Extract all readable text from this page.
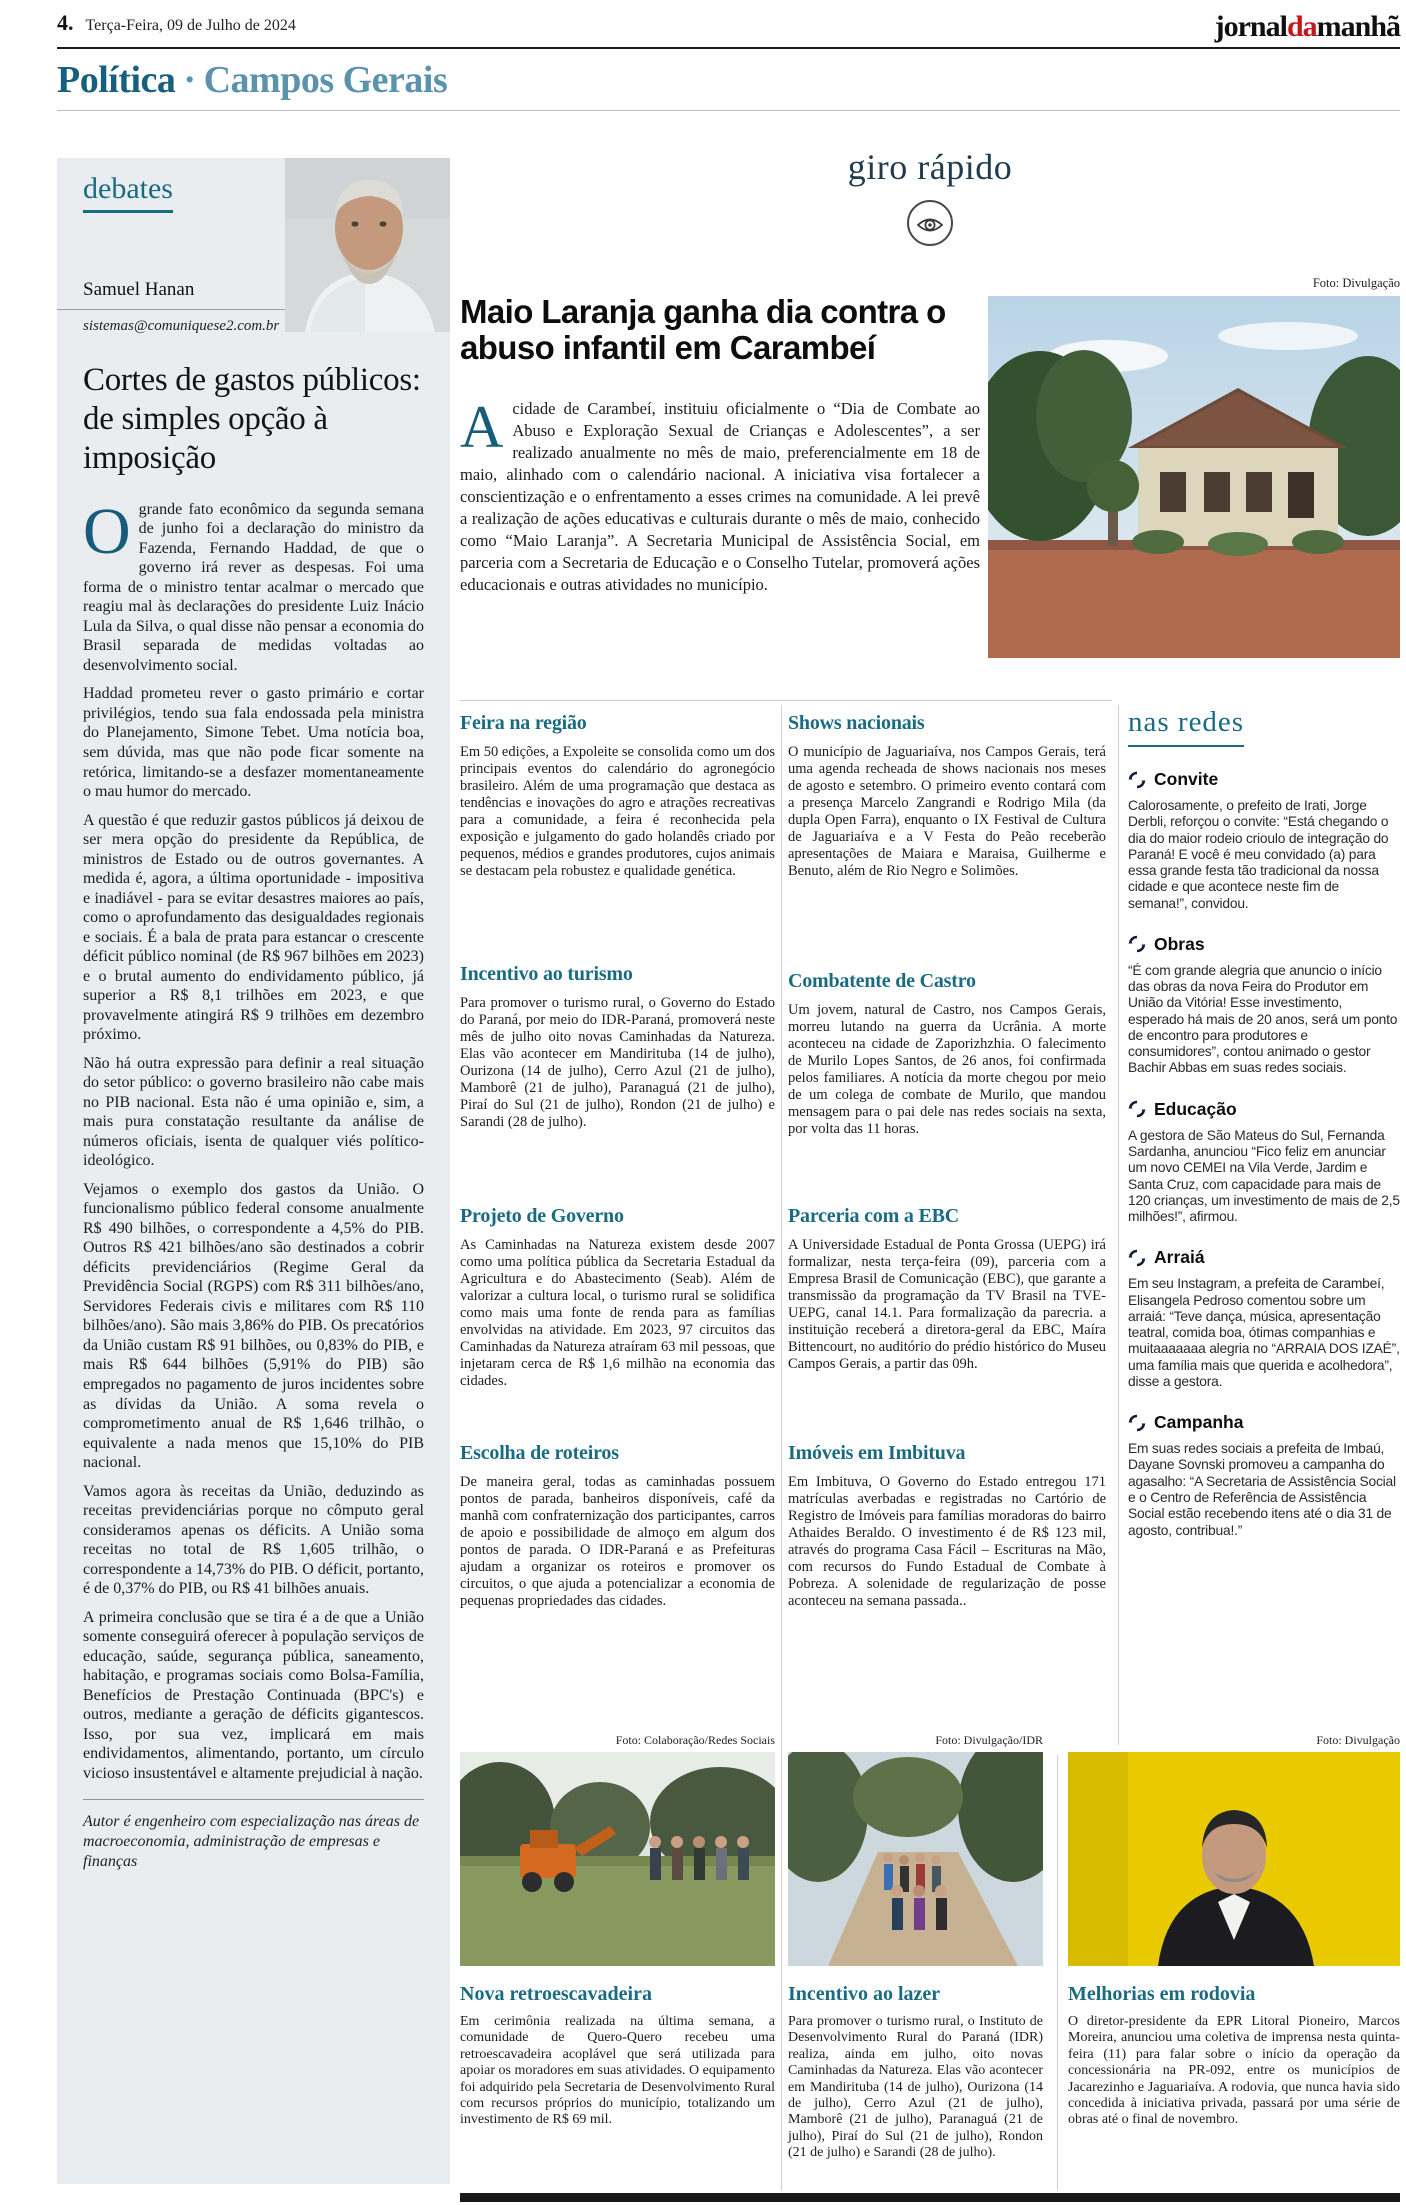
4. Terça-Feira, 09 de Julho de 2024	jornaldamanhã
Política · Campos Gerais
debates
Samuel Hanan
sistemas@comuniquese2.com.br
Cortes de gastos públicos: de simples opção à imposição

Ogrande fato econômico da segunda semana de junho foi a declaração do ministro da Fazenda, Fernando Haddad, de que o governo irá rever as despesas. Foi uma forma de o ministro tentar acalmar o mercado que reagiu mal às declarações do presidente Luiz Inácio Lula da Silva, o qual disse não pensar a economia do Brasil separada de medidas voltadas ao desenvolvimento social.

Haddad prometeu rever o gasto primário e cortar privilégios, tendo sua fala endossada pela ministra do Planejamento, Simone Tebet. Uma notícia boa, sem dúvida, mas que não pode ficar somente na retórica, limitando-se a desfazer momentaneamente o mau humor do mercado.

A questão é que reduzir gastos públicos já deixou de ser mera opção do presidente da República, de ministros de Estado ou de outros governantes. A medida é, agora, a última oportunidade - impositiva e inadiável - para se evitar desastres maiores ao país, como o aprofundamento das desigualdades regionais e sociais. É a bala de prata para estancar o crescente déficit público nominal (de R$ 967 bilhões em 2023) e o brutal aumento do endividamento público, já superior a R$ 8,1 trilhões em 2023, e que provavelmente atingirá R$ 9 trilhões em dezembro próximo.

Não há outra expressão para definir a real situação do setor público: o governo brasileiro não cabe mais no PIB nacional. Esta não é uma opinião e, sim, a mais pura constatação resultante da análise de números oficiais, isenta de qualquer viés político-ideológico.

Vejamos o exemplo dos gastos da União. O funcionalismo público federal consome anualmente R$ 490 bilhões, o correspondente a 4,5% do PIB. Outros R$ 421 bilhões/ano são destinados a cobrir déficits previdenciários (Regime Geral da Previdência Social (RGPS) com R$ 311 bilhões/ano, Servidores Federais civis e militares com R$ 110 bilhões/ano). São mais 3,86% do PIB. Os precatórios da União custam R$ 91 bilhões, ou 0,83% do PIB, e mais R$ 644 bilhões (5,91% do PIB) são empregados no pagamento de juros incidentes sobre as dívidas da União. A soma revela o comprometimento anual de R$ 1,646 trilhão, o equivalente a nada menos que 15,10% do PIB nacional.

Vamos agora às receitas da União, deduzindo as receitas previdenciárias porque no cômputo geral consideramos apenas os déficits. A União soma receitas no total de R$ 1,605 trilhão, o correspondente a 14,73% do PIB. O déficit, portanto, é de 0,37% do PIB, ou R$ 41 bilhões anuais.

A primeira conclusão que se tira é a de que a União somente conseguirá oferecer à população serviços de educação, saúde, segurança pública, saneamento, habitação, e programas sociais como Bolsa-Família, Benefícios de Prestação Continuada (BPC's) e outros, mediante a geração de déficits gigantescos. Isso, por sua vez, implicará em mais endividamentos, alimentando, portanto, um círculo vicioso insustentável e altamente prejudicial à nação.

Autor é engenheiro com especialização nas áreas de macroeconomia, administração de empresas e finanças
giro rápido
Maio Laranja ganha dia contra o abuso infantil em Carambeí
Foto: Divulgação
Acidade de Carambeí, instituiu oficialmente o “Dia de Combate ao Abuso e Exploração Sexual de Crianças e Adolescentes”, a ser realizado anualmente no mês de maio, preferencialmente em 18 de maio, alinhado com o calendário nacional. A iniciativa visa fortalecer a conscientização e o enfrentamento a esses crimes na comunidade. A lei prevê a realização de ações educativas e culturais durante o mês de maio, conhecido como “Maio Laranja”. A Secretaria Municipal de Assistência Social, em parceria com a Secretaria de Educação e o Conselho Tutelar, promoverá ações educacionais e outras atividades no município.
Feira na região
Em 50 edições, a Expoleite se consolida como um dos principais eventos do calendário do agronegócio brasileiro. Além de uma programação que destaca as tendências e inovações do agro e atrações recreativas para a comunidade, a feira é reconhecida pela exposição e julgamento do gado holandês criado por pequenos, médios e grandes produtores, cujos animais se destacam pela robustez e qualidade genética.
Incentivo ao turismo
Para promover o turismo rural, o Governo do Estado do Paraná, por meio do IDR-Paraná, promoverá neste mês de julho oito novas Caminhadas da Natureza. Elas vão acontecer em Mandirituba (14 de julho), Ourizona (14 de julho), Cerro Azul (21 de julho), Mamborê (21 de julho), Paranaguá (21 de julho), Piraí do Sul (21 de julho), Rondon (21 de julho) e Sarandi (28 de julho).
Projeto de Governo
As Caminhadas na Natureza existem desde 2007 como uma política pública da Secretaria Estadual da Agricultura e do Abastecimento (Seab). Além de valorizar a cultura local, o turismo rural se solidifica como mais uma fonte de renda para as famílias envolvidas na atividade. Em 2023, 97 circuitos das Caminhadas da Natureza atraíram 63 mil pessoas, que injetaram cerca de R$ 1,6 milhão na economia das cidades.
Escolha de roteiros
De maneira geral, todas as caminhadas possuem pontos de parada, banheiros disponíveis, café da manhã com confraternização dos participantes, carros de apoio e possibilidade de almoço em algum dos pontos de parada. O IDR-Paraná e as Prefeituras ajudam a organizar os roteiros e promover os circuitos, o que ajuda a potencializar a economia de pequenas propriedades das cidades.
Shows nacionais
O município de Jaguariaíva, nos Campos Gerais, terá uma agenda recheada de shows nacionais nos meses de agosto e setembro. O primeiro evento contará com a presença Marcelo Zangrandi e Rodrigo Mila (da dupla Open Farra), enquanto o IX Festival de Cultura de Jaguariaíva e a V Festa do Peão receberão apresentações de Maiara e Maraisa, Guilherme e Benuto, além de Rio Negro e Solimões.
Combatente de Castro
Um jovem, natural de Castro, nos Campos Gerais, morreu lutando na guerra da Ucrânia. A morte aconteceu na cidade de Zaporizhzhia. O falecimento de Murilo Lopes Santos, de 26 anos, foi confirmada pelos familiares. A notícia da morte chegou por meio de um colega de combate de Murilo, que mandou mensagem para o pai dele nas redes sociais na sexta, por volta das 11 horas.
Parceria com a EBC
A Universidade Estadual de Ponta Grossa (UEPG) irá formalizar, nesta terça-feira (09), parceria com a Empresa Brasil de Comunicação (EBC), que garante a transmissão da programação da TV Brasil na TVE-UEPG, canal 14.1. Para formalização da parecria. a instituição receberá a diretora-geral da EBC, Maíra Bittencourt, no auditório do prédio histórico do Museu Campos Gerais, a partir das 09h.
Imóveis em Imbituva
Em Imbituva, O Governo do Estado entregou 171 matrículas averbadas e registradas no Cartório de Registro de Imóveis para famílias moradoras do bairro Athaides Beraldo. O investimento é de R$ 123 mil, através do programa Casa Fácil – Escrituras na Mão, com recursos do Fundo Estadual de Combate à Pobreza. A solenidade de regularização de posse aconteceu na semana passada..
nas redes
Convite
Calorosamente, o prefeito de Irati, Jorge Derbli, reforçou o convite: “Está chegando o dia do maior rodeio crioulo de integração do Paraná! E você é meu convidado (a) para essa grande festa tão tradicional da nossa cidade e que acontece neste fim de semana!”, convidou.
Obras
“É com grande alegria que anuncio o início das obras da nova Feira do Produtor em União da Vitória! Esse investimento, esperado há mais de 20 anos, será um ponto de encontro para produtores e consumidores”, contou animado o gestor Bachir Abbas em suas redes sociais.
Educação
A gestora de São Mateus do Sul, Fernanda Sardanha, anunciou “Fico feliz em anunciar um novo CEMEI na Vila Verde, Jardim e Santa Cruz, com capacidade para mais de 120 crianças, um investimento de mais de 2,5 milhões!”, afirmou.
Arraiá
Em seu Instagram, a prefeita de Carambeí, Elisangela Pedroso comentou sobre um arraiá: “Teve dança, música, apresentação teatral, comida boa, ótimas companhias e muitaaaaaaa alegria no “ARRAIA DOS IZAÉ”, uma família mais que querida e acolhedora”, disse a gestora.
Campanha
Em suas redes sociais a prefeita de Imbaú, Dayane Sovnski promoveu a campanha do agasalho: “A Secretaria de Assistência Social e o Centro de Referência de Assistência Social estão recebendo itens até o dia 31 de agosto, contribua!.”
Foto: Colaboração/Redes Sociais
Nova retroescavadeira
Em cerimônia realizada na última semana, a comunidade de Quero-Quero recebeu uma retroescavadeira acoplável que será utilizada para apoiar os moradores em suas atividades. O equipamento foi adquirido pela Secretaria de Desenvolvimento Rural com recursos próprios do município, totalizando um investimento de R$ 69 mil.
Foto: Divulgação/IDR
Incentivo ao lazer
Para promover o turismo rural, o Instituto de Desenvolvimento Rural do Paraná (IDR) realiza, ainda em julho, oito novas Caminhadas da Natureza. Elas vão acontecer em Mandirituba (14 de julho), Ourizona (14 de julho), Cerro Azul (21 de julho), Mamborê (21 de julho), Paranaguá (21 de julho), Piraí do Sul (21 de julho), Rondon (21 de julho) e Sarandi (28 de julho).
Foto: Divulgação
Melhorias em rodovia
O diretor-presidente da EPR Litoral Pioneiro, Marcos Moreira, anunciou uma coletiva de imprensa nesta quinta-feira (11) para falar sobre o início da operação da concessionária na PR-092, entre os municípios de Jacarezinho e Jaguariaíva. A rodovia, que nunca havia sido concedida à iniciativa privada, passará por uma série de obras até o final de novembro.
